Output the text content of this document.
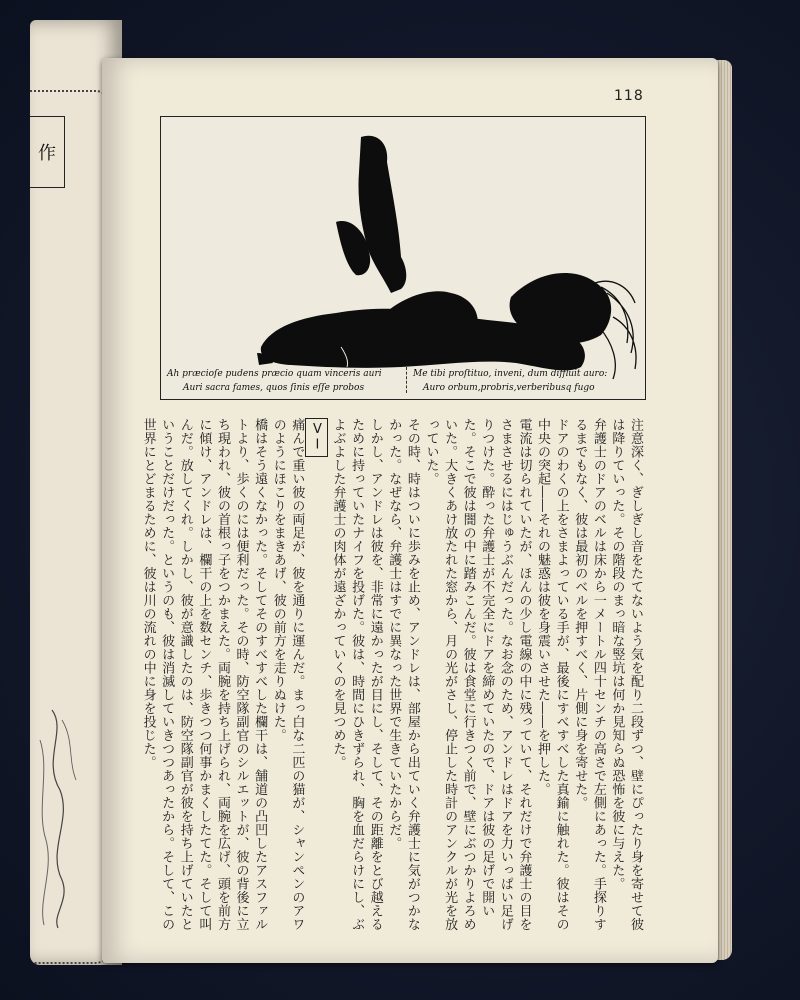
作
118
Ah præcioſe pudens præcio quam vinceris auri
Auri sacra fames, quos ſinis eſſe probos
Me tibi proſtituo, inveni, dum diffluit auro:
Auro orbum,probris,verberibusq fugo

注意深く、ぎしぎし音をたてないよう気を配り二段ずつ、壁にぴったり身を寄せて彼は降りていった。その階段のまっ暗な竪坑は何か見知らぬ恐怖を彼に与えた。

弁護士のドアのベルは床から一メートル四十センチの高さで左側にあった。手探りするまでもなく、彼は最初のベルを押すべく、片側に身を寄せた。

ドアのわくの上をさまよっている手が、最後にすべすべした真鍮に触れた。彼はその中央の突起――それの魅惑は彼を身震いさせた――を押した。

電流は切られていたが、ほんの少し電線の中に残っていて、それだけで弁護士の目をさまさせるにはじゅうぶんだった。なお念のため、アンドレはドアを力いっぱい足げりつけた。酔った弁護士が不完全にドアを締めていたので、ドアは彼の足げで開いた。そこで彼は闇の中に踏みこんだ。彼は食堂に行きつく前で、壁にぶつかりよろめいた。大きくあけ放たれた窓から、月の光がさし、停止した時計のアンクルが光を放っていた。

その時、時はついに歩みを止め、アンドレは、部屋から出ていく弁護士に気がつかなかった。なぜなら、弁護士はすでに異なった世界で生きていたからだ。

しかし、アンドレは彼を、非常に遠かったが目にし、そして、その距離をとび越えるために持っていたナイフを投げた。彼は、時間にひきずられ、胸を血だらけにし、ぶよぶよした弁護士の肉体が遠ざかっていくのを見つめた。

VI

痛んで重い彼の両足が、彼を通りに運んだ。まっ白な二匹の猫が、シャンペンのアワのようにほこりをまきあげ、彼の前方を走りぬけた。

橋はそう遠くなかった。そしてそのすべすべした欄干は、舗道の凸凹したアスファルトより、歩くのには便利だった。その時、防空隊副官のシルエットが、彼の背後に立ち現われ、彼の首根っ子をつかまえた。両腕を持ち上げられ、両腕を広げ、頭を前方に傾け、アンドレは、欄干の上を数センチ、歩きつつ何事かまくしたてた。そして叫んだ。放してくれ。しかし、彼が意識したのは、防空隊副官が彼を持ち上げていたということだけだった。というのも、彼は消滅していきつつあったから。そして、この世界にとどまるために、彼は川の流れの中に身を投じた。
